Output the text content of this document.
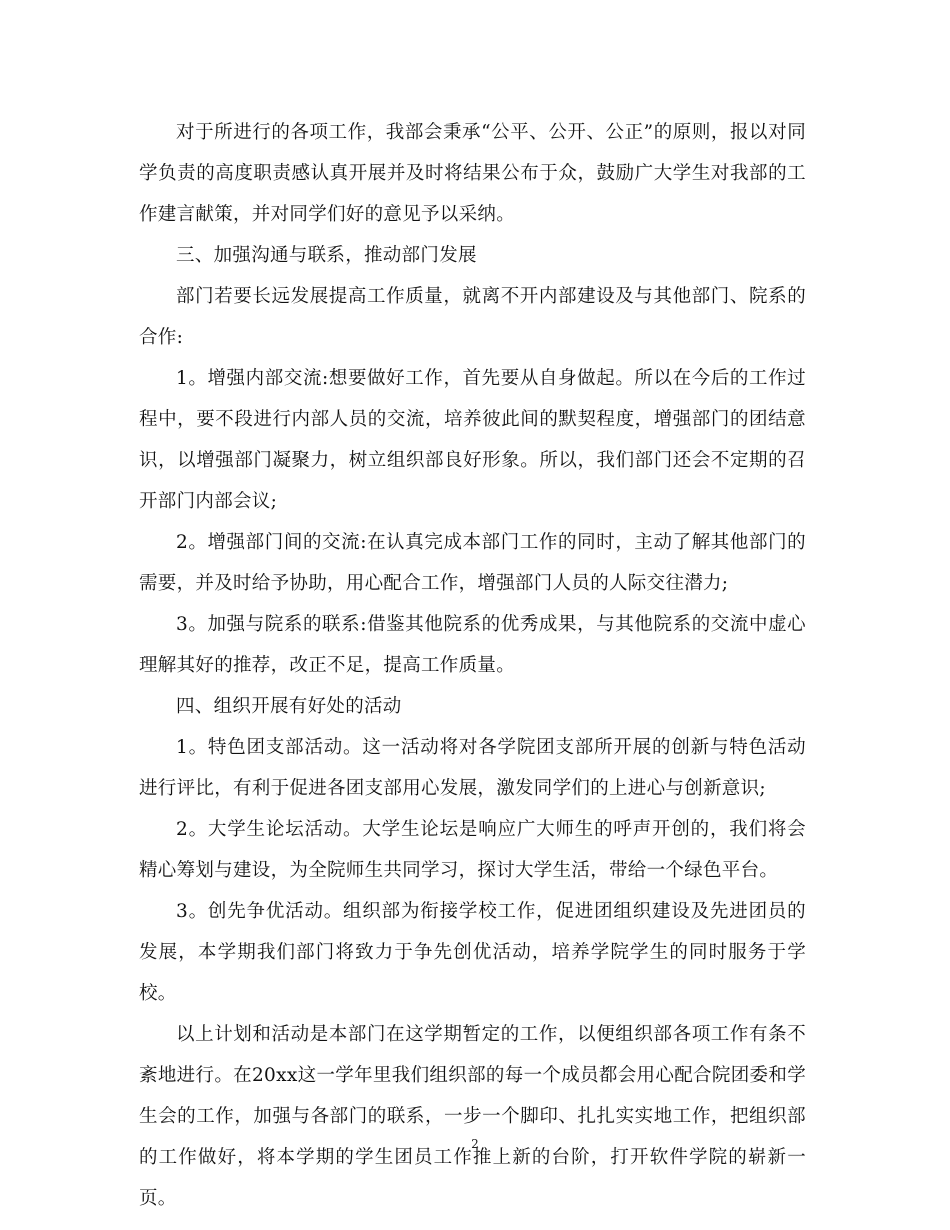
对于所进行的各项工作，我部会秉承“公平、公开、公正”的原则，报以对同学负责的高度职责感认真开展并及时将结果公布于众，鼓励广大学生对我部的工作建言献策，并对同学们好的意见予以采纳。

三、加强沟通与联系，推动部门发展

部门若要长远发展提高工作质量，就离不开内部建设及与其他部门、院系的合作:

1。增强内部交流:想要做好工作，首先要从自身做起。所以在今后的工作过程中，要不段进行内部人员的交流，培养彼此间的默契程度，增强部门的团结意识，以增强部门凝聚力，树立组织部良好形象。所以，我们部门还会不定期的召开部门内部会议;

2。增强部门间的交流:在认真完成本部门工作的同时，主动了解其他部门的需要，并及时给予协助，用心配合工作，增强部门人员的人际交往潜力;

3。加强与院系的联系:借鉴其他院系的优秀成果，与其他院系的交流中虚心理解其好的推荐，改正不足，提高工作质量。

四、组织开展有好处的活动

1。特色团支部活动。这一活动将对各学院团支部所开展的创新与特色活动进行评比，有利于促进各团支部用心发展，激发同学们的上进心与创新意识;

2。大学生论坛活动。大学生论坛是响应广大师生的呼声开创的，我们将会精心筹划与建设，为全院师生共同学习，探讨大学生活，带给一个绿色平台。

3。创先争优活动。组织部为衔接学校工作，促进团组织建设及先进团员的发展，本学期我们部门将致力于争先创优活动，培养学院学生的同时服务于学校。

以上计划和活动是本部门在这学期暂定的工作，以便组织部各项工作有条不紊地进行。在20xx这一学年里我们组织部的每一个成员都会用心配合院团委和学生会的工作，加强与各部门的联系，一步一个脚印、扎扎实实地工作，把组织部的工作做好，将本学期的学生团员工作推上新的台阶，打开软件学院的崭新一页。

2
